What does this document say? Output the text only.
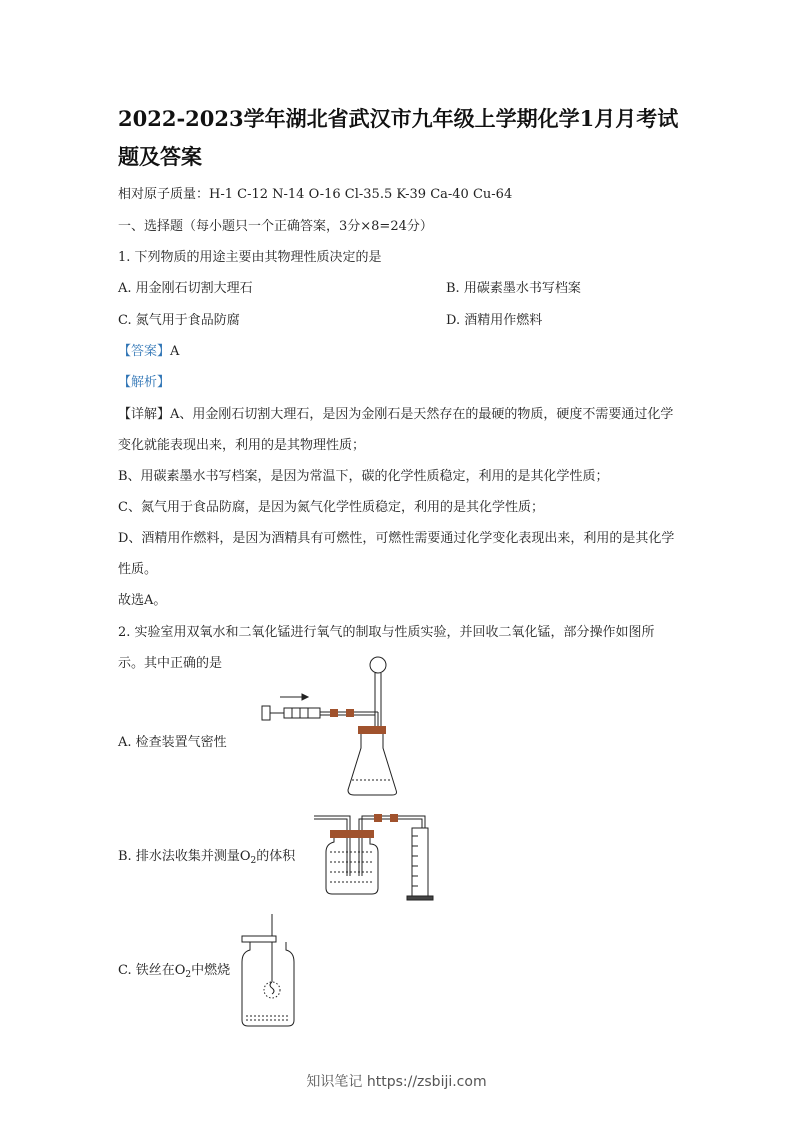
2022-2023学年湖北省武汉市九年级上学期化学1月月考试题及答案
相对原子质量：H-1 C-12 N-14 O-16 Cl-35.5 K-39 Ca-40 Cu-64
一、选择题（每小题只一个正确答案，3分×8=24分）
1. 下列物质的用途主要由其物理性质决定的是
A. 用金刚石切割大理石	B. 用碳素墨水书写档案
C. 氮气用于食品防腐	D. 酒精用作燃料
【答案】A
【解析】
【详解】A、用金刚石切割大理石，是因为金刚石是天然存在的最硬的物质，硬度不需要通过化学变化就能表现出来，利用的是其物理性质；
B、用碳素墨水书写档案，是因为常温下，碳的化学性质稳定，利用的是其化学性质；
C、氮气用于食品防腐，是因为氮气化学性质稳定，利用的是其化学性质；
D、酒精用作燃料，是因为酒精具有可燃性，可燃性需要通过化学变化表现出来，利用的是其化学性质。
故选A。
2. 实验室用双氧水和二氧化锰进行氧气的制取与性质实验，并回收二氧化锰，部分操作如图所示。其中正确的是
A. 检查装置气密性
B. 排水法收集并测量$O_2$的体积
C. 铁丝在$O_2$中燃烧
知识笔记 https://zsbiji.com
